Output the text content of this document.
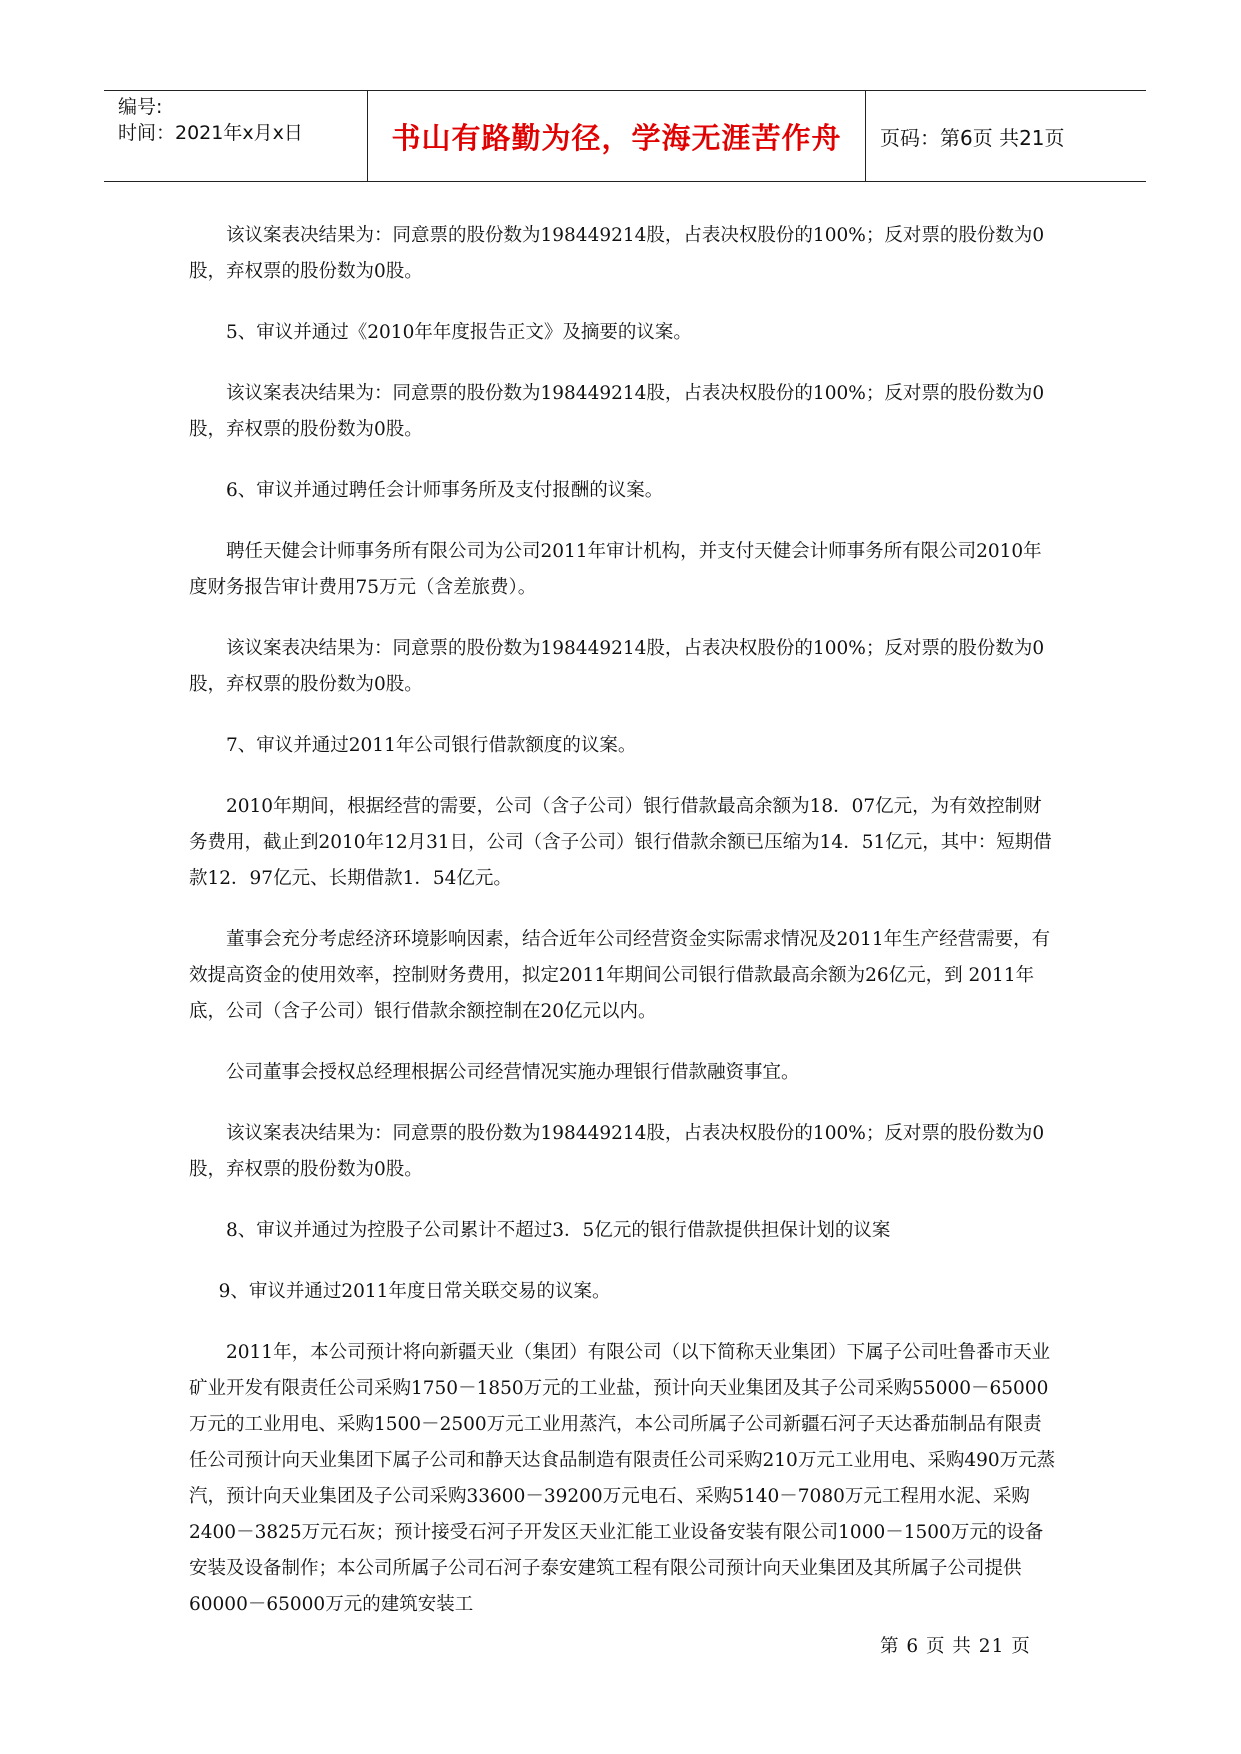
编号:
时间：2021年x月x日	书山有路勤为径，学海无涯苦作舟	页码：第6页 共21页

该议案表决结果为：同意票的股份数为198449214股，占表决权股份的100%；反对票的股份数为0股，弃权票的股份数为0股。

5、审议并通过《2010年年度报告正文》及摘要的议案。

该议案表决结果为：同意票的股份数为198449214股，占表决权股份的100%；反对票的股份数为0股，弃权票的股份数为0股。

6、审议并通过聘任会计师事务所及支付报酬的议案。

聘任天健会计师事务所有限公司为公司2011年审计机构，并支付天健会计师事务所有限公司2010年度财务报告审计费用75万元（含差旅费）。

该议案表决结果为：同意票的股份数为198449214股，占表决权股份的100%；反对票的股份数为0股，弃权票的股份数为0股。

7、审议并通过2011年公司银行借款额度的议案。

2010年期间，根据经营的需要，公司（含子公司）银行借款最高余额为18．07亿元，为有效控制财务费用，截止到2010年12月31日，公司（含子公司）银行借款余额已压缩为14．51亿元，其中：短期借款12．97亿元、长期借款1．54亿元。

董事会充分考虑经济环境影响因素，结合近年公司经营资金实际需求情况及2011年生产经营需要，有效提高资金的使用效率，控制财务费用，拟定2011年期间公司银行借款最高余额为26亿元，到 2011年底，公司（含子公司）银行借款余额控制在20亿元以内。

公司董事会授权总经理根据公司经营情况实施办理银行借款融资事宜。

该议案表决结果为：同意票的股份数为198449214股，占表决权股份的100%；反对票的股份数为0股，弃权票的股份数为0股。

8、审议并通过为控股子公司累计不超过3．5亿元的银行借款提供担保计划的议案

9、审议并通过2011年度日常关联交易的议案。

2011年，本公司预计将向新疆天业（集团）有限公司（以下简称天业集团）下属子公司吐鲁番市天业矿业开发有限责任公司采购1750－1850万元的工业盐，预计向天业集团及其子公司采购55000－65000万元的工业用电、采购1500－2500万元工业用蒸汽，本公司所属子公司新疆石河子天达番茄制品有限责任公司预计向天业集团下属子公司和静天达食品制造有限责任公司采购210万元工业用电、采购490万元蒸汽，预计向天业集团及子公司采购33600－39200万元电石、采购5140－7080万元工程用水泥、采购2400－3825万元石灰；预计接受石河子开发区天业汇能工业设备安装有限公司1000－1500万元的设备安装及设备制作；本公司所属子公司石河子泰安建筑工程有限公司预计向天业集团及其所属子公司提供60000－65000万元的建筑安装工

第 6 页 共 21 页
